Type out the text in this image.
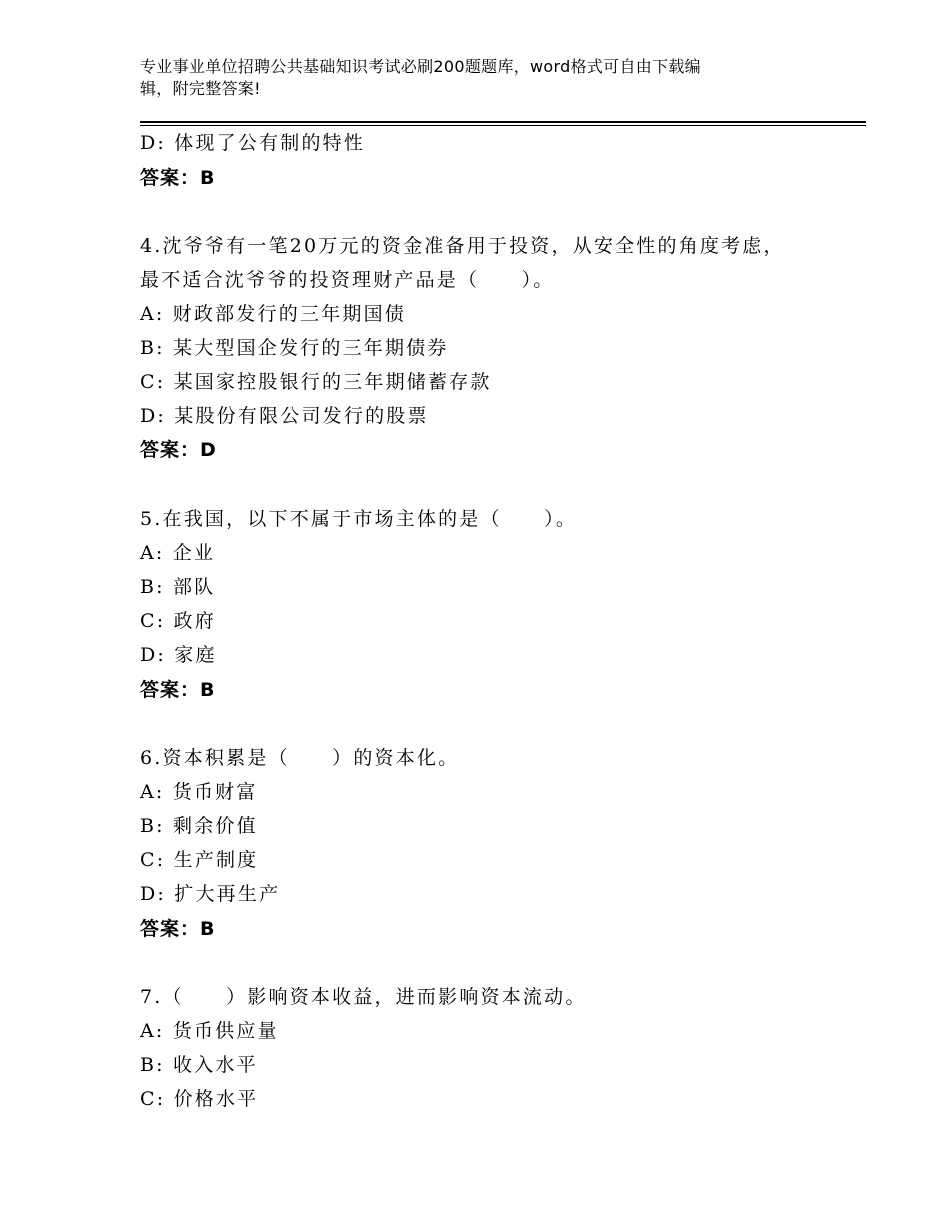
专业事业单位招聘公共基础知识考试必刷200题题库，word格式可自由下载编
辑，附完整答案!
D: 体现了公有制的特性
答案：B
4.沈爷爷有一笔20万元的资金准备用于投资，从安全性的角度考虑，
最不适合沈爷爷的投资理财产品是（　　）。
A: 财政部发行的三年期国债
B: 某大型国企发行的三年期债券
C: 某国家控股银行的三年期储蓄存款
D: 某股份有限公司发行的股票
答案：D
5.在我国，以下不属于市场主体的是（　　）。
A: 企业
B: 部队
C: 政府
D: 家庭
答案：B
6.资本积累是（　　）的资本化。
A: 货币财富
B: 剩余价值
C: 生产制度
D: 扩大再生产
答案：B
7.（　　）影响资本收益，进而影响资本流动。
A: 货币供应量
B: 收入水平
C: 价格水平
